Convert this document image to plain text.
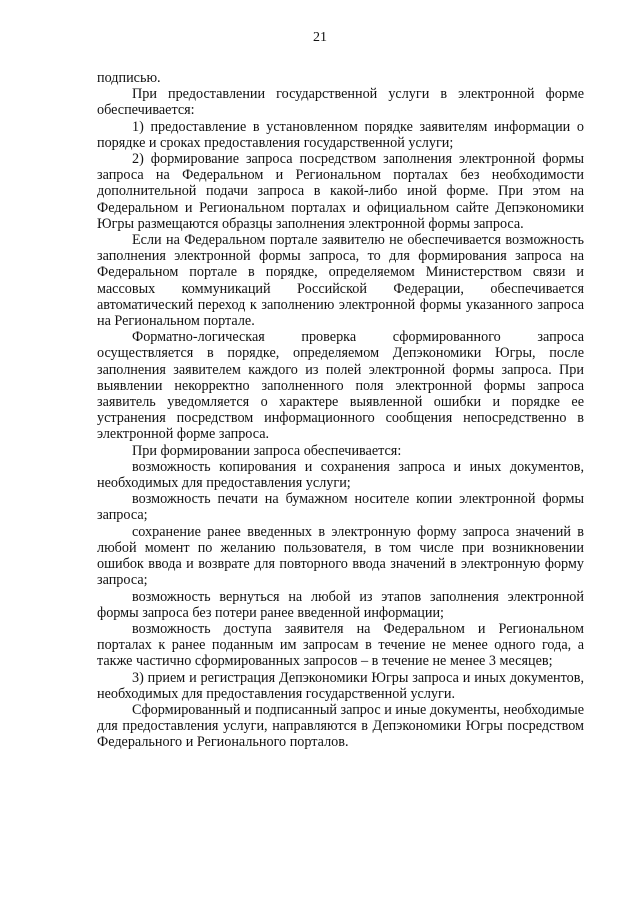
21

подписью.

При предоставлении государственной услуги в электронной форме обеспечивается:

1) предоставление в установленном порядке заявителям информации о порядке и сроках предоставления государственной услуги;

2) формирование запроса посредством заполнения электронной формы запроса на Федеральном и Региональном порталах без необходимости дополнительной подачи запроса в какой-либо иной форме. При этом на Федеральном и Региональном порталах и официальном сайте Депэкономики Югры размещаются образцы заполнения электронной формы запроса.

Если на Федеральном портале заявителю не обеспечивается возможность заполнения электронной формы запроса, то для формирования запроса на Федеральном портале в порядке, определяемом Министерством связи и массовых коммуникаций Российской Федерации, обеспечивается автоматический переход к заполнению электронной формы указанного запроса на Региональном портале.

Форматно-логическая проверка сформированного запроса осуществляется в порядке, определяемом Депэкономики Югры, после заполнения заявителем каждого из полей электронной формы запроса. При выявлении некорректно заполненного поля электронной формы запроса заявитель уведомляется о характере выявленной ошибки и порядке ее устранения посредством информационного сообщения непосредственно в электронной форме запроса.

При формировании запроса обеспечивается:

возможность копирования и сохранения запроса и иных документов, необходимых для предоставления услуги;

возможность печати на бумажном носителе копии электронной формы запроса;

сохранение ранее введенных в электронную форму запроса значений в любой момент по желанию пользователя, в том числе при возникновении ошибок ввода и возврате для повторного ввода значений в электронную форму запроса;

возможность вернуться на любой из этапов заполнения электронной формы запроса без потери ранее введенной информации;

возможность доступа заявителя на Федеральном и Региональном порталах к ранее поданным им запросам в течение не менее одного года, а также частично сформированных запросов – в течение не менее 3 месяцев;

3) прием и регистрация Депэкономики Югры запроса и иных документов, необходимых для предоставления государственной услуги.

Сформированный и подписанный запрос и иные документы, необходимые для предоставления услуги, направляются в Депэкономики Югры посредством Федерального и Регионального порталов.
